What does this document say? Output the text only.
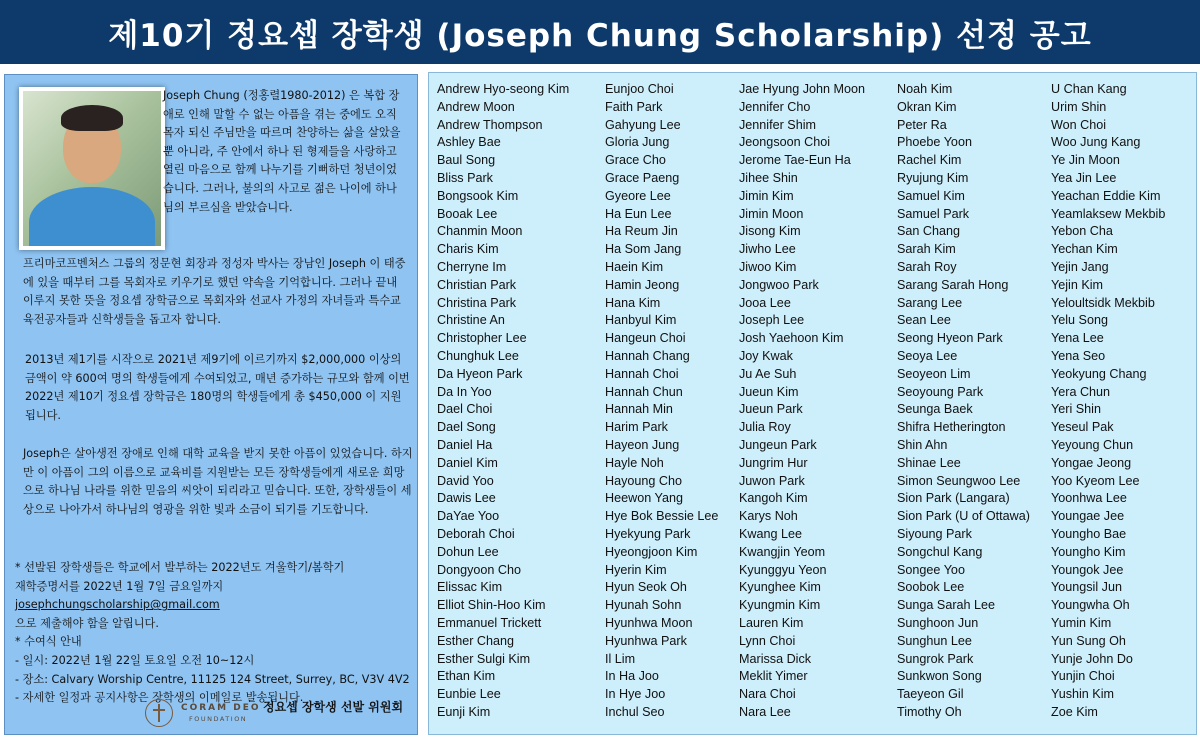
제10기 정요셉 장학생 (Joseph Chung Scholarship) 선정 공고

Joseph Chung (정홍렬1980-2012) 은 복합 장애로 인해 말할 수 없는 아픔을 겪는 중에도 오직 목자 되신 주님만을 따르며 찬양하는 삶을 살았을 뿐 아니라, 주 안에서 하나 된 형제들을 사랑하고 열린 마음으로 함께 나누기를 기뻐하던 청년이었습니다. 그러나, 불의의 사고로 젊은 나이에 하나님의 부르심을 받았습니다.

프리마코프벤처스 그룹의 정문현 회장과 정성자 박사는 장남인 Joseph 이 태중에 있을 때부터 그를 목회자로 키우기로 했던 약속을 기억합니다. 그러나 끝내 이루지 못한 뜻을 정요셉 장학금으로 목회자와 선교사 가정의 자녀들과 특수교육전공자들과 신학생들을 돕고자 합니다.

2013년 제1기를 시작으로 2021년 제9기에 이르기까지 $2,000,000 이상의 금액이 약 600여 명의 학생들에게 수여되었고, 매년 증가하는 규모와 함께 이번 2022년 제10기 정요셉 장학금은 180명의 학생들에게 총 $450,000 이 지원됩니다.

Joseph은 살아생전 장애로 인해 대학 교육을 받지 못한 아픔이 있었습니다. 하지만 이 아픔이 그의 이름으로 교육비를 지원받는 모든 장학생들에게 새로운 희망으로 하나님 나라를 위한 믿음의 씨앗이 되리라고 믿습니다. 또한, 장학생들이 세상으로 나아가서 하나님의 영광을 위한 빛과 소금이 되기를 기도합니다.

* 선발된 장학생들은 학교에서 발부하는 2022년도 겨울학기/봄학기
재학증명서를 2022년 1월 7일 금요일까지 josephchungscholarship@gmail.com
으로 제출해야 함을 알립니다.
* 수여식 안내
- 일시: 2022년 1월 22일 토요일 오전 10~12시
- 장소: Calvary Worship Centre, 11125 124 Street, Surrey, BC, V3V 4V2
- 자세한 일정과 공지사항은 장학생의 이메일로 발송됩니다.
CORAM DEO
FOUNDATION
정요셉 장학생 선발 위원회
Andrew Hyo-seong Kim
Andrew Moon
Andrew Thompson
Ashley Bae
Baul Song
Bliss Park
Bongsook Kim
Booak Lee
Chanmin Moon
Charis Kim
Cherryne Im
Christian Park
Christina Park
Christine An
Christopher Lee
Chunghuk Lee
Da Hyeon Park
Da In Yoo
Dael Choi
Dael Song
Daniel Ha
Daniel Kim
David Yoo
Dawis Lee
DaYae Yoo
Deborah Choi
Dohun Lee
Dongyoon Cho
Elissac Kim
Elliot Shin-Hoo Kim
Emmanuel Trickett
Esther Chang
Esther Sulgi Kim
Ethan Kim
Eunbie Lee
Eunji Kim
Eunjoo Choi
Faith Park
Gahyung Lee
Gloria Jung
Grace Cho
Grace Paeng
Gyeore Lee
Ha Eun Lee
Ha Reum Jin
Ha Som Jang
Haein Kim
Hamin Jeong
Hana Kim
Hanbyul Kim
Hangeun Choi
Hannah Chang
Hannah Choi
Hannah Chun
Hannah Min
Harim Park
Hayeon Jung
Hayle Noh
Hayoung Cho
Heewon Yang
Hye Bok Bessie Lee
Hyekyung Park
Hyeongjoon Kim
Hyerin Kim
Hyun Seok Oh
Hyunah Sohn
Hyunhwa Moon
Hyunhwa Park
Il Lim
In Ha Joo
In Hye Joo
Inchul Seo
Jae Hyung John Moon
Jennifer Cho
Jennifer Shim
Jeongsoon Choi
Jerome Tae-Eun Ha
Jihee Shin
Jimin Kim
Jimin Moon
Jisong Kim
Jiwho Lee
Jiwoo Kim
Jongwoo Park
Jooa Lee
Joseph Lee
Josh Yaehoon Kim
Joy Kwak
Ju Ae Suh
Jueun Kim
Jueun Park
Julia Roy
Jungeun Park
Jungrim Hur
Juwon Park
Kangoh Kim
Karys Noh
Kwang Lee
Kwangjin Yeom
Kyunggyu Yeon
Kyunghee Kim
Kyungmin Kim
Lauren Kim
Lynn Choi
Marissa Dick
Meklit Yimer
Nara Choi
Nara Lee
Noah Kim
Okran Kim
Peter Ra
Phoebe Yoon
Rachel Kim
Ryujung Kim
Samuel Kim
Samuel Park
San Chang
Sarah Kim
Sarah Roy
Sarang Sarah Hong
Sarang Lee
Sean Lee
Seong Hyeon Park
Seoya Lee
Seoyeon Lim
Seoyoung Park
Seunga Baek
Shifra Hetherington
Shin Ahn
Shinae Lee
Simon Seungwoo Lee
Sion Park (Langara)
Sion Park (U of Ottawa)
Siyoung Park
Songchul Kang
Songee Yoo
Soobok Lee
Sunga Sarah Lee
Sunghoon Jun
Sunghun Lee
Sungrok Park
Sunkwon Song
Taeyeon Gil
Timothy Oh
U Chan Kang
Urim Shin
Won Choi
Woo Jung Kang
Ye Jin Moon
Yea Jin Lee
Yeachan Eddie Kim
Yeamlaksew Mekbib
Yebon Cha
Yechan Kim
Yejin Jang
Yejin Kim
Yeloultsidk Mekbib
Yelu Song
Yena Lee
Yena Seo
Yeokyung Chang
Yera Chun
Yeri Shin
Yeseul Pak
Yeyoung Chun
Yongae Jeong
Yoo Kyeom Lee
Yoonhwa Lee
Youngae Jee
Youngho Bae
Youngho Kim
Youngok Jee
Youngsil Jun
Youngwha Oh
Yumin Kim
Yun Sung Oh
Yunje John Do
Yunjin Choi
Yushin Kim
Zoe Kim
